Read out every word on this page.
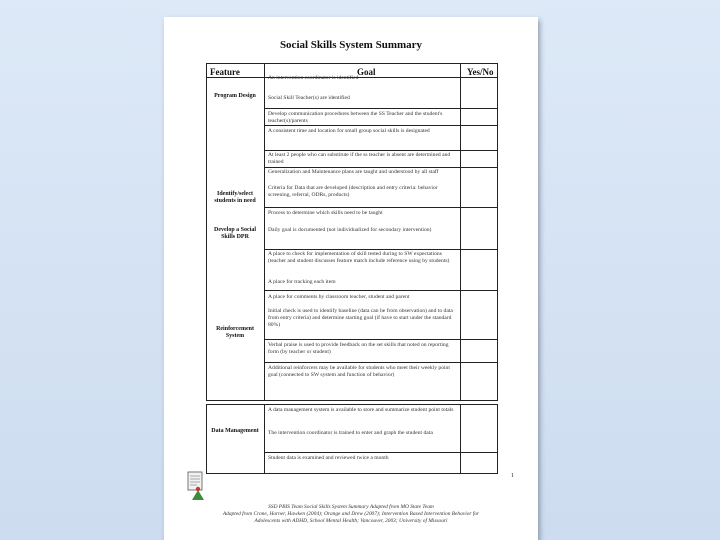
Social Skills System Summary
Feature	Goal	Yes/No
Program Design
Identify/select students in need
Develop a Social Skills DPR
Reinforcement System
An intervention coordinator is identified
Social Skill Teacher(s) are identified
Develop communication procedures between the SS Teacher and the student's teacher(s)/parents
A consistent time and location for small group social skills is designated
At least 2 people who can substitute if the ss teacher is absent are determined and trained
Generalization and Maintenance plans are taught and understood by all staff
Criteria for Data that are developed (description and entry criteria: behavior screening, referral, ODRs, products)
Process to determine which skills need to be taught
Daily goal is documented (not individualized for secondary intervention)
A place to check for implementation of skill tested during to SW expectations (teacher and student discusses feature match include reference using by students)
A place for tracking each item
A place for comments by classroom teacher, student and parent
Initial check is used to identify baseline (data can be from observation) and to data from entry criteria) and determine starting goal (if have to start under the standard 80%)
Verbal praise is used to provide feedback on the set skills that noted on reporting form (by teacher or student)
Additional reinforcers may be available for students who meet their weekly point goal (connected to SW system and function of behavior)
Data Management
A data management system is available to store and summarize student point totals
The intervention coordinator is trained to enter and graph the student data
Student data is examined and reviewed twice a month
1
SSD PBIS Team Social Skills System Summary Adapted from MO State Team
Adapted from Crone, Horner, Hawken (2004); Orange and Drew (2007); Intervention Based Intervention Behavior for
Adolescents with ADHD, School Mental Health; Vancouver, 2003; University of Missouri
